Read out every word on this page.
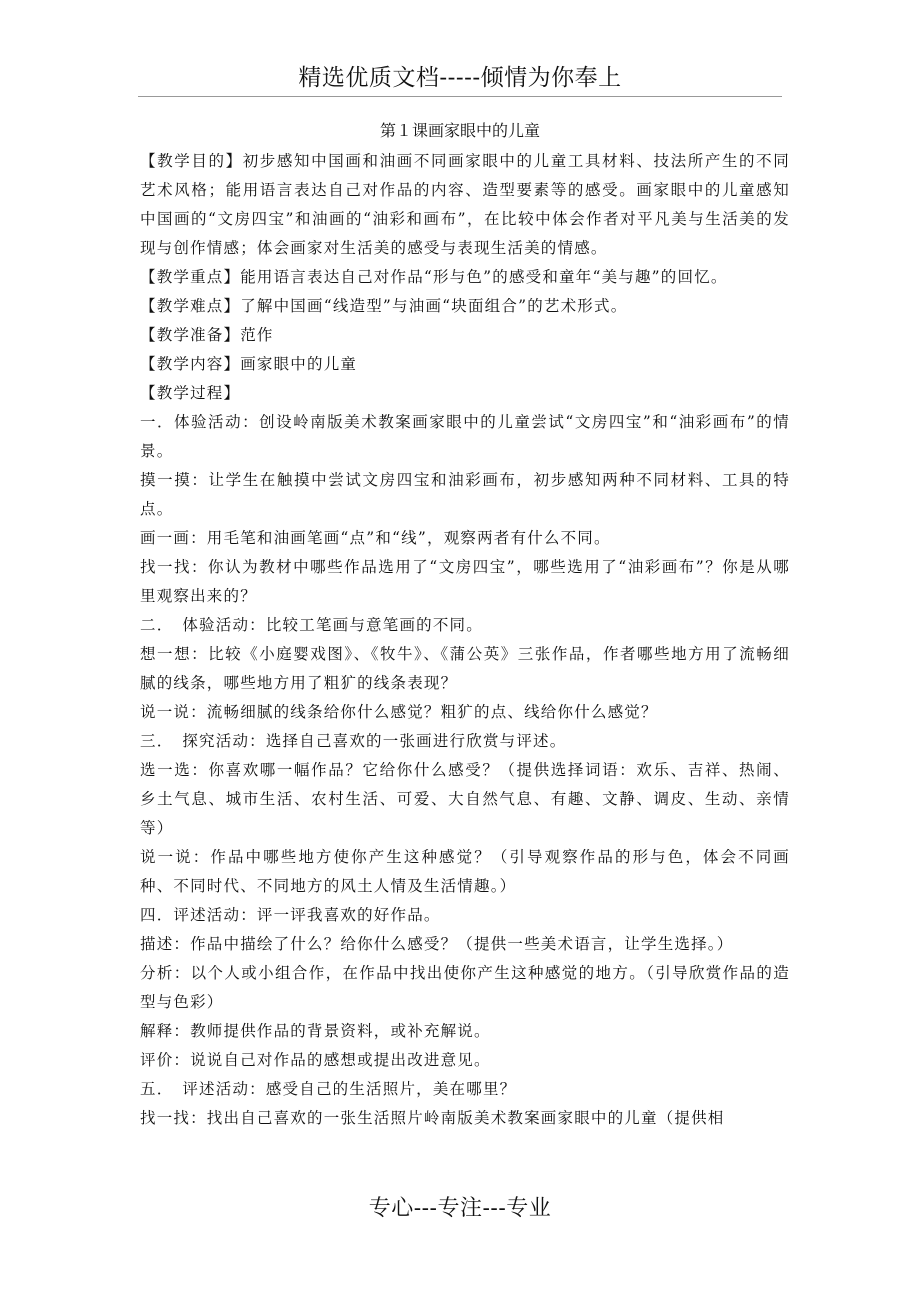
精选优质文档-----倾情为你奉上
第１课画家眼中的儿童

【教学目的】初步感知中国画和油画不同画家眼中的儿童工具材料、技法所产生的不同艺术风格；能用语言表达自己对作品的内容、造型要素等的感受。画家眼中的儿童感知中国画的“文房四宝”和油画的“油彩和画布”，在比较中体会作者对平凡美与生活美的发现与创作情感；体会画家对生活美的感受与表现生活美的情感。

【教学重点】能用语言表达自己对作品“形与色”的感受和童年“美与趣”的回忆。

【教学难点】了解中国画“线造型”与油画“块面组合”的艺术形式。

【教学准备】范作

【教学内容】画家眼中的儿童

【教学过程】

一．体验活动：创设岭南版美术教案画家眼中的儿童尝试“文房四宝”和“油彩画布”的情景。

摸一摸：让学生在触摸中尝试文房四宝和油彩画布，初步感知两种不同材料、工具的特点。

画一画：用毛笔和油画笔画“点”和“线”，观察两者有什么不同。

找一找：你认为教材中哪些作品选用了“文房四宝”，哪些选用了“油彩画布”？你是从哪里观察出来的？

二．　体验活动：比较工笔画与意笔画的不同。

想一想：比较《小庭婴戏图》、《牧牛》、《蒲公英》三张作品，作者哪些地方用了流畅细腻的线条，哪些地方用了粗犷的线条表现？

说一说：流畅细腻的线条给你什么感觉？粗犷的点、线给你什么感觉？

三．　探究活动：选择自己喜欢的一张画进行欣赏与评述。

选一选：你喜欢哪一幅作品？它给你什么感受？（提供选择词语：欢乐、吉祥、热闹、乡土气息、城市生活、农村生活、可爱、大自然气息、有趣、文静、调皮、生动、亲情等）

说一说：作品中哪些地方使你产生这种感觉？（引导观察作品的形与色，体会不同画种、不同时代、不同地方的风土人情及生活情趣。）

四．评述活动：评一评我喜欢的好作品。

描述：作品中描绘了什么？给你什么感受？（提供一些美术语言，让学生选择。）

分析：以个人或小组合作，在作品中找出使你产生这种感觉的地方。（引导欣赏作品的造型与色彩）

解释：教师提供作品的背景资料，或补充解说。

评价：说说自己对作品的感想或提出改进意见。

五．　评述活动：感受自己的生活照片，美在哪里？

找一找：找出自己喜欢的一张生活照片岭南版美术教案画家眼中的儿童（提供相

专心---专注---专业
